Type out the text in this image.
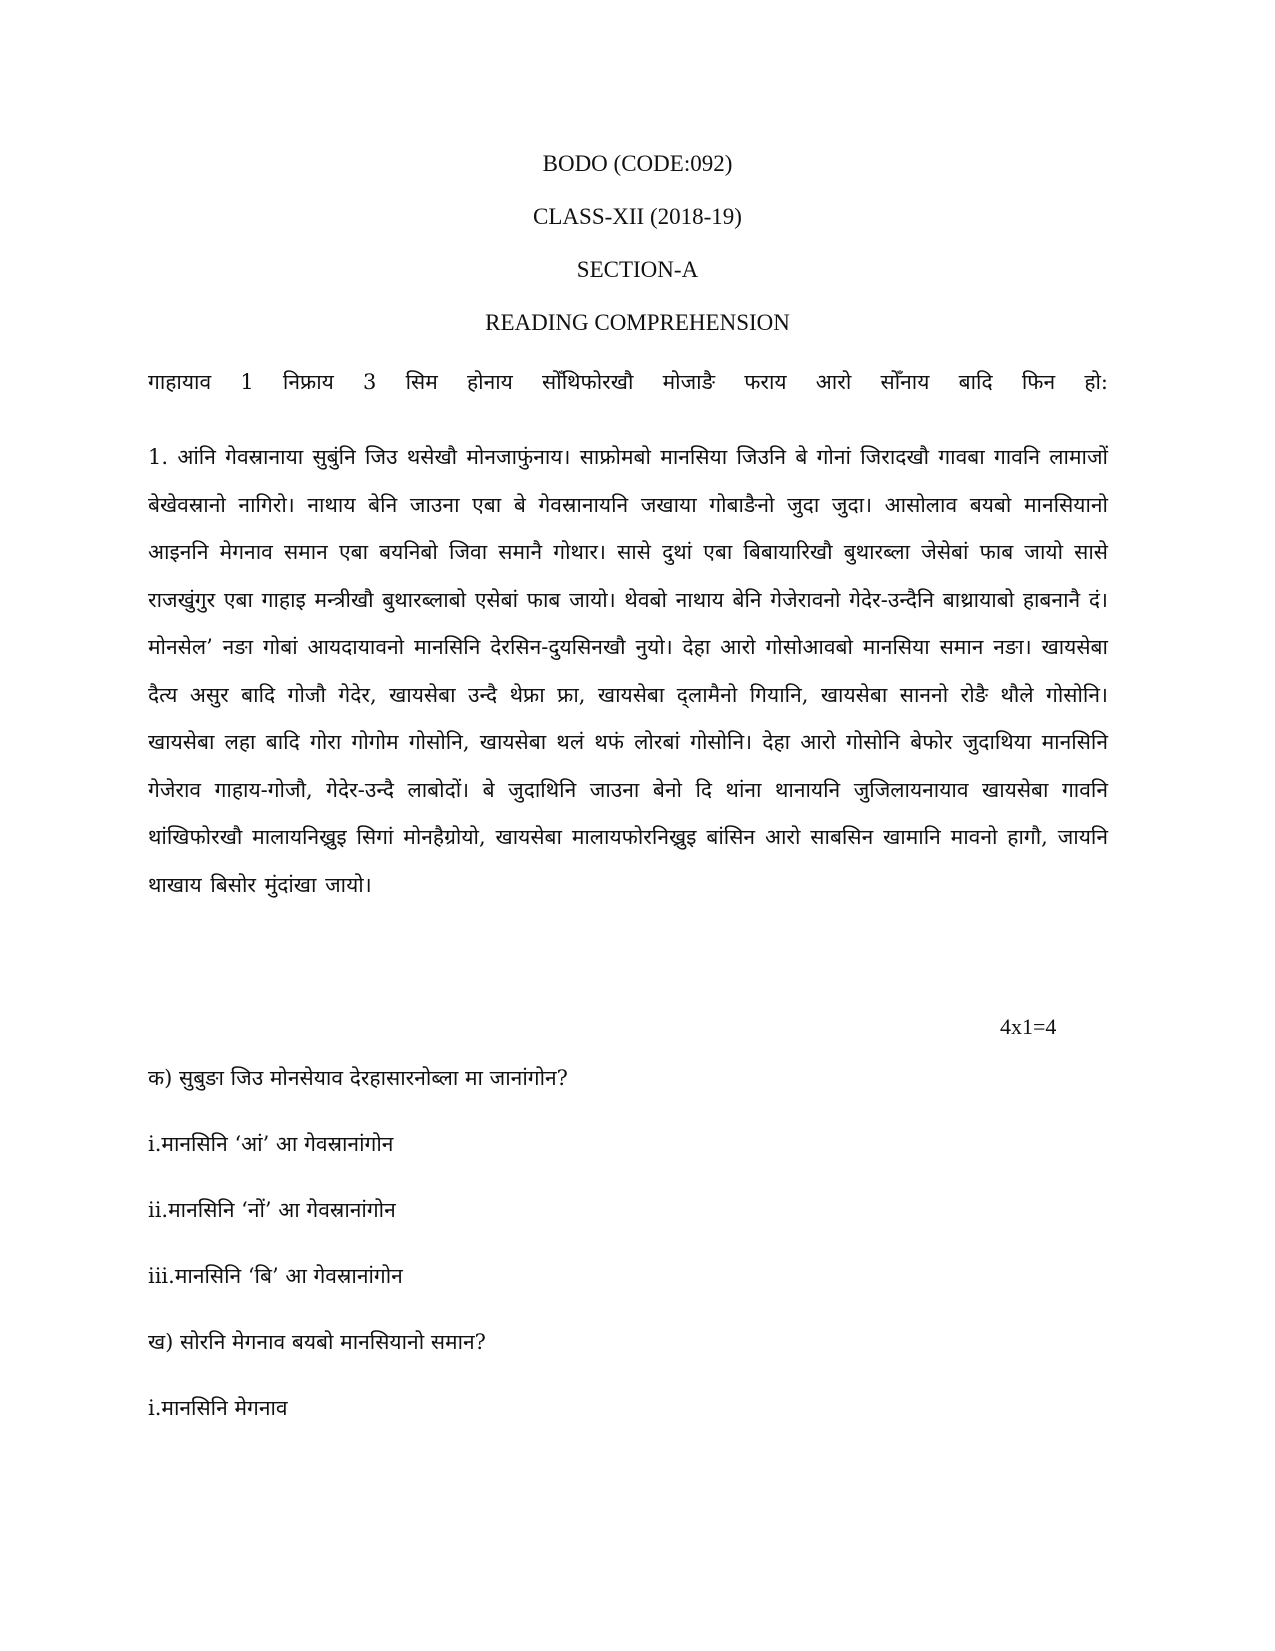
BODO (CODE:092)
CLASS-XII (2018-19)
SECTION-A
READING COMPREHENSION
गाहायाव 1 निफ्राय 3 सिम होनाय सोँथिफोरखौ मोजाङै फराय आरो सोँनाय बादि फिन हो:
1. आंनि गेवस्रानाया सुबुंनि जिउ थसेखौ मोनजाफुंनाय। साफ्रोमबो मानसिया जिउनि बे गोनां जिरादखौ गावबा गावनि लामाजों बेखेवस्रानो नागिरो। नाथाय बेनि जाउना एबा बे गेवस्रानायनि जखाया गोबाङैनो जुदा जुदा। आसोलाव बयबो मानसियानो आइननि मेगनाव समान एबा बयनिबो जिवा समानै गोथार। सासे दुथां एबा बिबायारिखौ बुथारब्ला जेसेबां फाब जायो सासे राजखुंगुर एबा गाहाइ मन्त्रीखौ बुथारब्लाबो एसेबां फाब जायो। थेवबो नाथाय बेनि गेजेरावनो गेदेर-उन्दैनि बाथ्रायाबो हाबनानै दं। मोनसेल’ नङा गोबां आयदायावनो मानसिनि देरसिन-दुयसिनखौ नुयो। देहा आरो गोसोआवबो मानसिया समान नङा। खायसेबा दैत्य असुर बादि गोजौ गेदेर, खायसेबा उन्दै थेफ्रा फ्रा, खायसेबा द्लामैनो गियानि, खायसेबा साननो रोङै थौले गोसोनि। खायसेबा लहा बादि गोरा गोगोम गोसोनि, खायसेबा थलं थफं लोरबां गोसोनि। देहा आरो गोसोनि बेफोर जुदाथिया मानसिनि गेजेराव गाहाय-गोजौ, गेदेर-उन्दै लाबोदों। बे जुदाथिनि जाउना बेनो दि थांना थानायनि जुजिलायनायाव खायसेबा गावनि थांखिफोरखौ मालायनिख्रुइ सिगां मोनहैग्रोयो, खायसेबा मालायफोरनिख्रुइ बांसिन आरो साबसिन खामानि मावनो हागौ, जायनि थाखाय बिसोर मुंदांखा जायो।
4x1=4
क) सुबुङा जिउ मोनसेयाव देरहासारनोब्ला मा जानांगोन?
i.मानसिनि ‘आं’ आ गेवस्रानांगोन
ii.मानसिनि ‘नों’ आ गेवस्रानांगोन
iii.मानसिनि ‘बि’ आ गेवस्रानांगोन
ख) सोरनि मेगनाव बयबो मानसियानो समान?
i.मानसिनि मेगनाव
